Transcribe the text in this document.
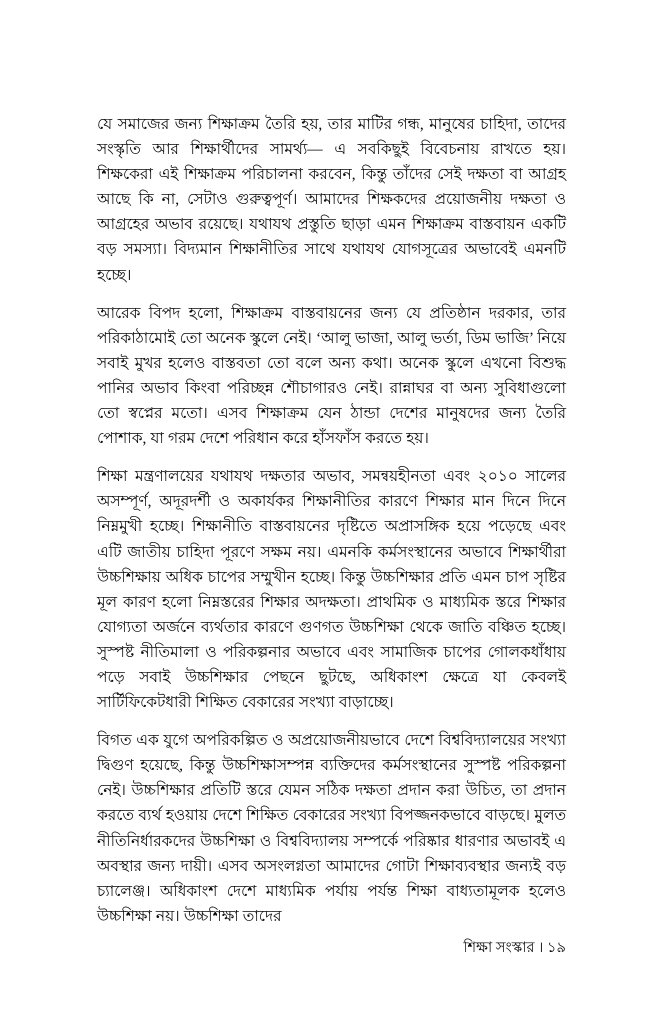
যে সমাজের জন্য শিক্ষাক্রম তৈরি হয়, তার মাটির গন্ধ, মানুষের চাহিদা, তাদের সংস্কৃতি আর শিক্ষার্থীদের সামর্থ্য— এ সবকিছুই বিবেচনায় রাখতে হয়। শিক্ষকেরা এই শিক্ষাক্রম পরিচালনা করবেন, কিন্তু তাঁদের সেই দক্ষতা বা আগ্রহ আছে কি না, সেটাও গুরুত্বপূর্ণ। আমাদের শিক্ষকদের প্রয়োজনীয় দক্ষতা ও আগ্রহের অভাব রয়েছে। যথাযথ প্রস্তুতি ছাড়া এমন শিক্ষাক্রম বাস্তবায়ন একটি বড় সমস্যা। বিদ্যমান শিক্ষানীতির সাথে যথাযথ যোগসূত্রের অভাবেই এমনটি হচ্ছে।

আরেক বিপদ হলো, শিক্ষাক্রম বাস্তবায়নের জন্য যে প্রতিষ্ঠান দরকার, তার পরিকাঠামোই তো অনেক স্কুলে নেই। ‘আলু ভাজা, আলু ভর্তা, ডিম ভাজি’ নিয়ে সবাই মুখর হলেও বাস্তবতা তো বলে অন্য কথা। অনেক স্কুলে এখনো বিশুদ্ধ পানির অভাব কিংবা পরিচ্ছন্ন শৌচাগারও নেই। রান্নাঘর বা অন্য সুবিধাগুলো তো স্বপ্নের মতো। এসব শিক্ষাক্রম যেন ঠান্ডা দেশের মানুষদের জন্য তৈরি পোশাক, যা গরম দেশে পরিধান করে হাঁসফাঁস করতে হয়।

শিক্ষা মন্ত্রণালয়ের যথাযথ দক্ষতার অভাব, সমন্বয়হীনতা এবং ২০১০ সালের অসম্পূর্ণ, অদূরদর্শী ও অকার্যকর শিক্ষানীতির কারণে শিক্ষার মান দিনে দিনে নিম্নমুখী হচ্ছে। শিক্ষানীতি বাস্তবায়নের দৃষ্টিতে অপ্রাসঙ্গিক হয়ে পড়েছে এবং এটি জাতীয় চাহিদা পূরণে সক্ষম নয়। এমনকি কর্মসংস্থানের অভাবে শিক্ষার্থীরা উচ্চশিক্ষায় অধিক চাপের সম্মুখীন হচ্ছে। কিন্তু উচ্চশিক্ষার প্রতি এমন চাপ সৃষ্টির মূল কারণ হলো নিম্নস্তরের শিক্ষার অদক্ষতা। প্রাথমিক ও মাধ্যমিক স্তরে শিক্ষার যোগ্যতা অর্জনে ব্যর্থতার কারণে গুণগত উচ্চশিক্ষা থেকে জাতি বঞ্চিত হচ্ছে। সুস্পষ্ট নীতিমালা ও পরিকল্পনার অভাবে এবং সামাজিক চাপের গোলকধাঁধায় পড়ে সবাই উচ্চশিক্ষার পেছনে ছুটছে, অধিকাংশ ক্ষেত্রে যা কেবলই সার্টিফিকেটধারী শিক্ষিত বেকারের সংখ্যা বাড়াচ্ছে।

বিগত এক যুগে অপরিকল্পিত ও অপ্রয়োজনীয়ভাবে দেশে বিশ্ববিদ্যালয়ের সংখ্যা দ্বিগুণ হয়েছে, কিন্তু উচ্চশিক্ষাসম্পন্ন ব্যক্তিদের কর্মসংস্থানের সুস্পষ্ট পরিকল্পনা নেই। উচ্চশিক্ষার প্রতিটি স্তরে যেমন সঠিক দক্ষতা প্রদান করা উচিত, তা প্রদান করতে ব্যর্থ হওয়ায় দেশে শিক্ষিত বেকারের সংখ্যা বিপজ্জনকভাবে বাড়ছে। মুলত নীতিনির্ধারকদের উচ্চশিক্ষা ও বিশ্ববিদ্যালয় সম্পর্কে পরিষ্কার ধারণার অভাবই এ অবস্থার জন্য দায়ী। এসব অসংলগ্নতা আমাদের গোটা শিক্ষাব্যবস্থার জন্যই বড় চ্যালেঞ্জ। অধিকাংশ দেশে মাধ্যমিক পর্যায় পর্যন্ত শিক্ষা বাধ্যতামূলক হলেও উচ্চশিক্ষা নয়। উচ্চশিক্ষা তাদের

শিক্ষা সংস্কার । ১৯
